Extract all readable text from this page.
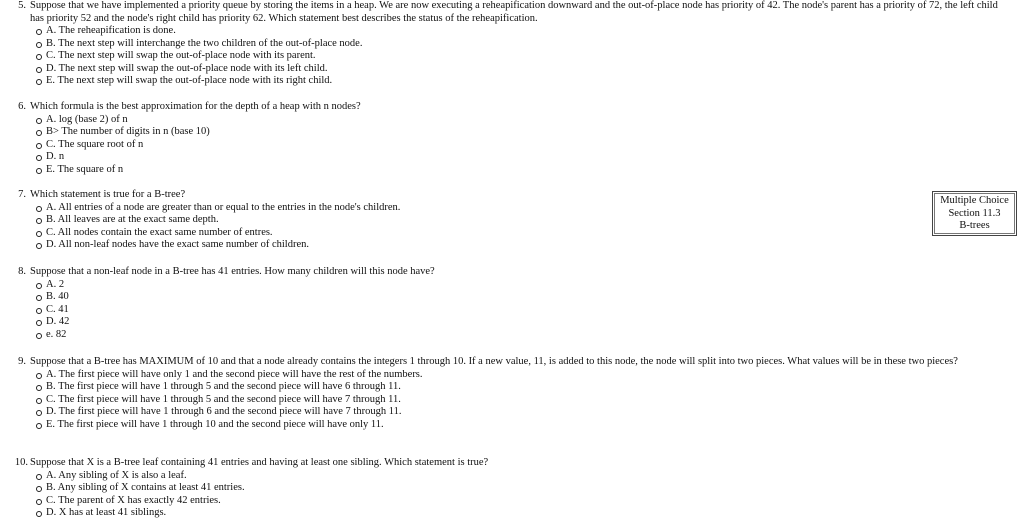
5. Suppose that we have implemented a priority queue by storing the items in a heap. We are now executing a reheapification downward and the out-of-place node has priority of 42. The node's parent has a priority of 72, the left child has priority 52 and the node's right child has priority 62. Which statement best describes the status of the reheapification.
A. The reheapification is done.
B. The next step will interchange the two children of the out-of-place node.
C. The next step will swap the out-of-place node with its parent.
D. The next step will swap the out-of-place node with its left child.
E. The next step will swap the out-of-place node with its right child.
6. Which formula is the best approximation for the depth of a heap with n nodes?
A. log (base 2) of n
B> The number of digits in n (base 10)
C. The square root of n
D. n
E. The square of n
7. Which statement is true for a B-tree?
A. All entries of a node are greater than or equal to the entries in the node's children.
B. All leaves are at the exact same depth.
C. All nodes contain the exact same number of entres.
D. All non-leaf nodes have the exact same number of children.
Multiple Choice
Section 11.3
B-trees
8. Suppose that a non-leaf node in a B-tree has 41 entries. How many children will this node have?
A. 2
B. 40
C. 41
D. 42
e. 82
9. Suppose that a B-tree has MAXIMUM of 10 and that a node already contains the integers 1 through 10. If a new value, 11, is added to this node, the node will split into two pieces. What values will be in these two pieces?
A. The first piece will have only 1 and the second piece will have the rest of the numbers.
B. The first piece will have 1 through 5 and the second piece will have 6 through 11.
C. The first piece will have 1 through 5 and the second piece will have 7 through 11.
D. The first piece will have 1 through 6 and the second piece will have 7 through 11.
E. The first piece will have 1 through 10 and the second piece will have only 11.
10. Suppose that X is a B-tree leaf containing 41 entries and having at least one sibling. Which statement is true?
A. Any sibling of X is also a leaf.
B. Any sibling of X contains at least 41 entries.
C. The parent of X has exactly 42 entries.
D. X has at least 41 siblings.
